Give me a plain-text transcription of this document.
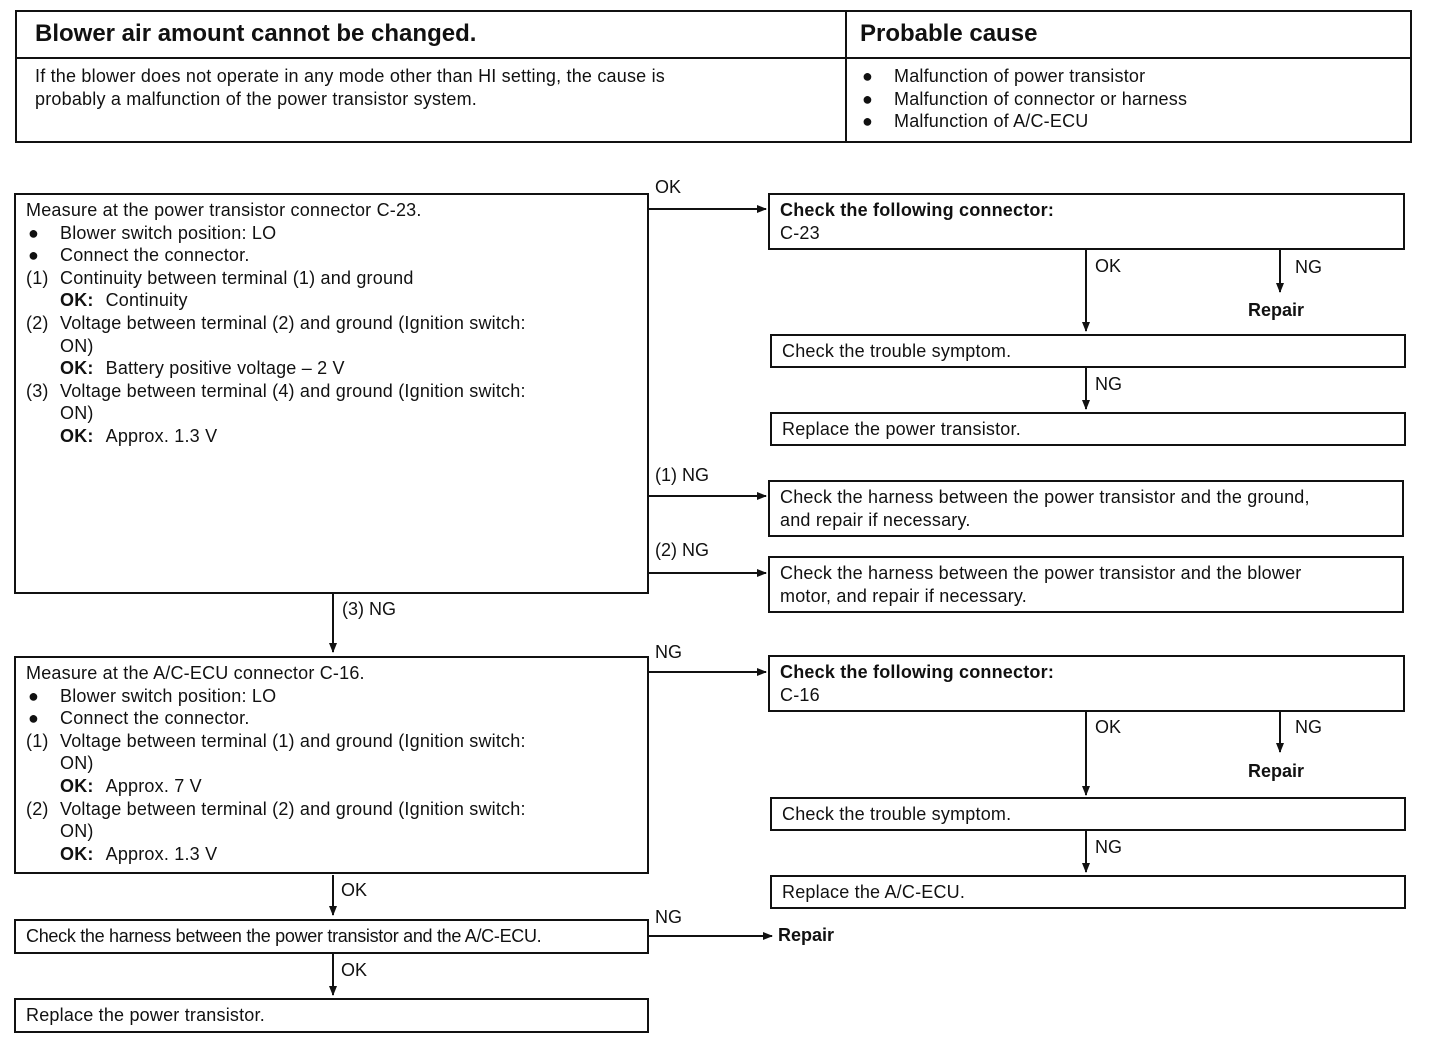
Blower air amount cannot be changed.	Probable cause
If the blower does not operate in any mode other than HI setting, the cause is
probably a malfunction of the power transistor system.
● Malfunction of power transistor
● Malfunction of connector or harness
● Malfunction of A/C-ECU
Measure at the power transistor connector C-23.
● Blower switch position: LO
● Connect the connector.
(1) Continuity between terminal (1) and ground
OK: Continuity
(2) Voltage between terminal (2) and ground (Ignition switch:
ON)
OK: Battery positive voltage – 2 V
(3) Voltage between terminal (4) and ground (Ignition switch:
ON)
OK: Approx. 1.3 V
Measure at the A/C-ECU connector C-16.
● Blower switch position: LO
● Connect the connector.
(1) Voltage between terminal (1) and ground (Ignition switch:
ON)
OK: Approx. 7 V
(2) Voltage between terminal (2) and ground (Ignition switch:
ON)
OK: Approx. 1.3 V
Check the following connector:
C-23
Check the trouble symptom.
Replace the power transistor.
Check the harness between the power transistor and the ground,
and repair if necessary.
Check the harness between the power transistor and the blower
motor, and repair if necessary.
Check the following connector:
C-16
Check the trouble symptom.
Replace the A/C-ECU.
Check the harness between the power transistor and the A/C-ECU.
Replace the power transistor.
OK
OK	NG
Repair
NG
(1) NG
(2) NG
(3) NG
NG
OK	NG
Repair
NG
OK
NG
Repair
OK
